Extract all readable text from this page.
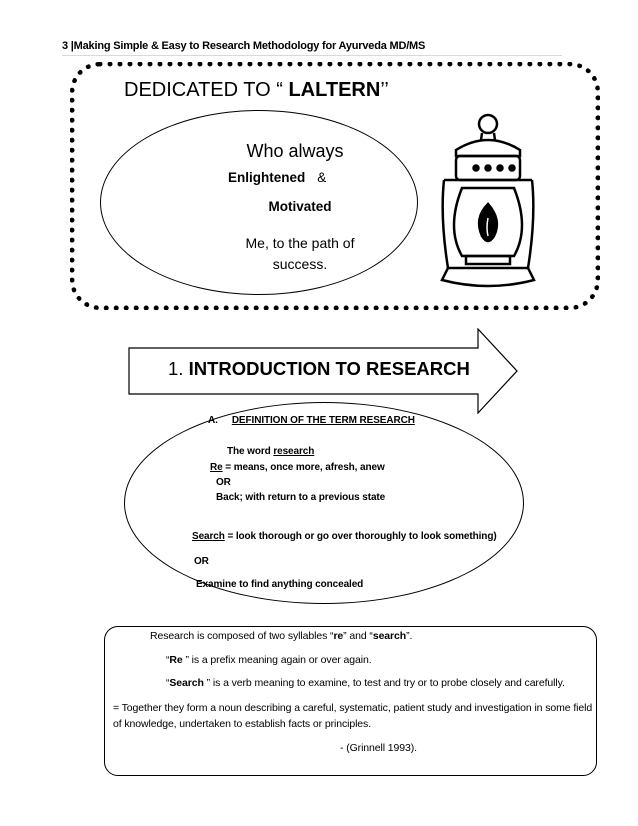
3 |Making Simple & Easy to Research Methodology for Ayurveda MD/MS
DEDICATED TO “ LALTERN’’
Who always
Enlightened &
Motivated
Me, to the path of
success.
1. INTRODUCTION TO RESEARCH
A. DEFINITION OF THE TERM RESEARCH
The word research
Re = means, once more, afresh, anew
OR
Back; with return to a previous state
Search = look thorough or go over thoroughly to look something)
OR
Examine to find anything concealed
Research is composed of two syllables “re” and “search”.
“Re ” is a prefix meaning again or over again.
“Search ” is a verb meaning to examine, to test and try or to probe closely and carefully.
= Together they form a noun describing a careful, systematic, patient study and investigation in some field of knowledge, undertaken to establish facts or principles.
- (Grinnell 1993).
